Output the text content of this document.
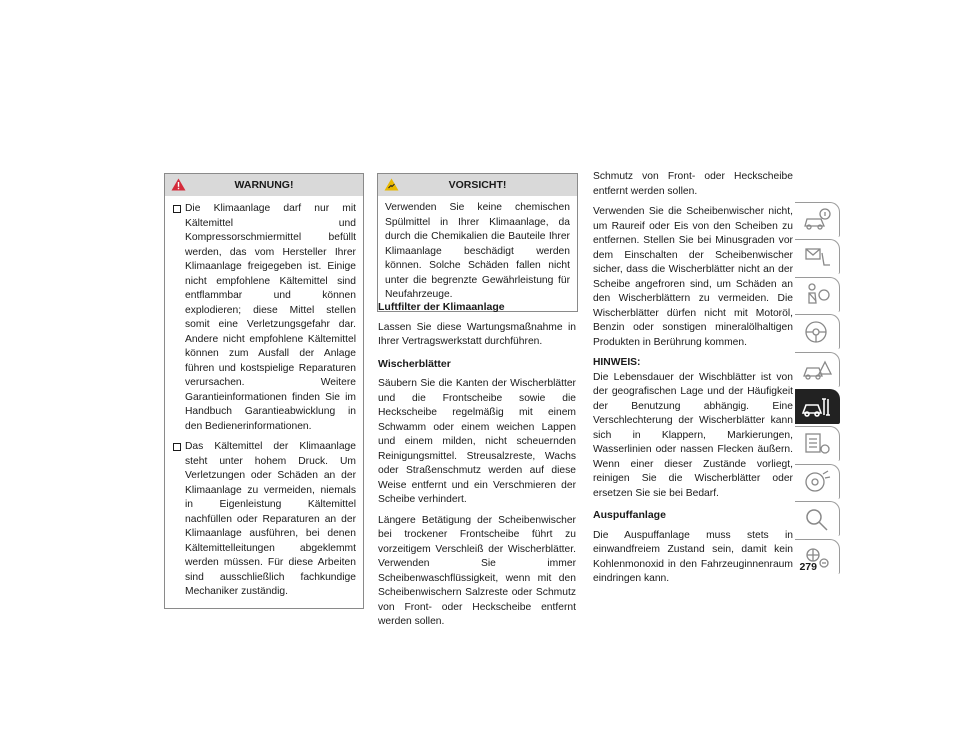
WARNUNG!
Die Klimaanlage darf nur mit Kältemittel und Kompressorschmiermittel befüllt werden, das vom Hersteller Ihrer Klimaanlage freigegeben ist. Einige nicht empfohlene Kältemittel sind entflammbar und können explodieren; diese Mittel stellen somit eine Verletzungsgefahr dar. Andere nicht empfohlene Kältemittel können zum Ausfall der Anlage führen und kostspielige Reparaturen verursachen. Weitere Garantieinformationen finden Sie im Handbuch Garantieabwicklung in den Bedienerinformationen.
Das Kältemittel der Klimaanlage steht unter hohem Druck. Um Verletzungen oder Schäden an der Klimaanlage zu vermeiden, niemals in Eigenleistung Kältemittel nachfüllen oder Reparaturen an der Klimaanlage ausführen, bei denen Kältemittelleitungen abgeklemmt werden müssen. Für diese Arbeiten sind ausschließlich fachkundige Mechaniker zuständig.
VORSICHT!

Verwenden Sie keine chemischen Spülmittel in Ihrer Klimaanlage, da durch die Chemikalien die Bauteile Ihrer Klimaanlage beschädigt werden können. Solche Schäden fallen nicht unter die begrenzte Gewährleistung für Neufahrzeuge.

Luftfilter der Klimaanlage

Lassen Sie diese Wartungsmaßnahme in Ihrer Vertragswerkstatt durchführen.

Wischerblätter

Säubern Sie die Kanten der Wischerblätter und die Frontscheibe sowie die Heckscheibe regelmäßig mit einem Schwamm oder einem weichen Lappen und einem milden, nicht scheuernden Reinigungsmittel. Streusalzreste, Wachs oder Straßenschmutz werden auf diese Weise entfernt und ein Verschmieren der Scheibe verhindert.

Längere Betätigung der Scheibenwischer bei trockener Frontscheibe führt zu vorzeitigem Verschleiß der Wischerblätter. Verwenden Sie immer Scheibenwaschflüssigkeit, wenn mit den Scheibenwischern Salzreste oder Schmutz von Front- oder Heckscheibe entfernt werden sollen.

Schmutz von Front- oder Heckscheibe entfernt werden sollen.

Verwenden Sie die Scheibenwischer nicht, um Raureif oder Eis von den Scheiben zu entfernen. Stellen Sie bei Minusgraden vor dem Einschalten der Scheibenwischer sicher, dass die Wischerblätter nicht an der Scheibe angefroren sind, um Schäden an den Wischerblättern zu vermeiden. Die Wischerblätter dürfen nicht mit Motoröl, Benzin oder sonstigen mineralölhaltigen Produkten in Berührung kommen.

HINWEIS:

Die Lebensdauer der Wischblätter ist von der geografischen Lage und der Häufigkeit der Benutzung abhängig. Eine Verschlechterung der Wischerblätter kann sich in Klappern, Markierungen, Wasserlinien oder nassen Flecken äußern. Wenn einer dieser Zustände vorliegt, reinigen Sie die Wischerblätter oder ersetzen Sie sie bei Bedarf.

Auspuffanlage

Die Auspuffanlage muss stets in einwandfreiem Zustand sein, damit kein Kohlenmonoxid in den Fahrzeuginnenraum eindringen kann.

279
